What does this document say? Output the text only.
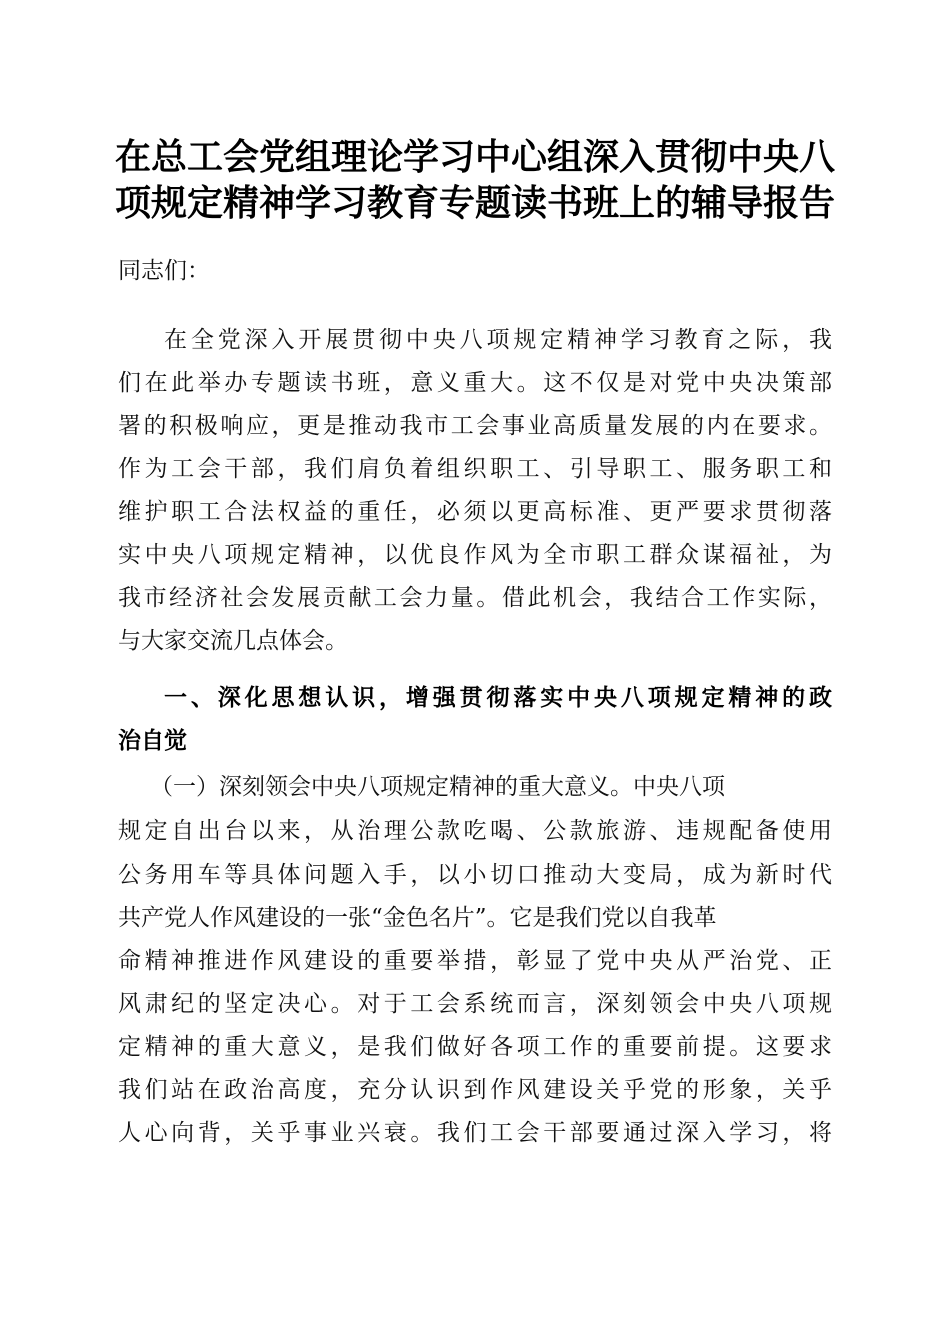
在总工会党组理论学习中心组深入贯彻中央八
项规定精神学习教育专题读书班上的辅导报告
同志们：
在全党深入开展贯彻中央八项规定精神学习教育之际，我
们在此举办专题读书班，意义重大。这不仅是对党中央决策部
署的积极响应，更是推动我市工会事业高质量发展的内在要求。
作为工会干部，我们肩负着组织职工、引导职工、服务职工和
维护职工合法权益的重任，必须以更高标准、更严要求贯彻落
实中央八项规定精神，以优良作风为全市职工群众谋福祉，为
我市经济社会发展贡献工会力量。借此机会，我结合工作实际，
与大家交流几点体会。
一、深化思想认识，增强贯彻落实中央八项规定精神的政
治自觉
（一）深刻领会中央八项规定精神的重大意义。中央八项
规定自出台以来，从治理公款吃喝、公款旅游、违规配备使用
公务用车等具体问题入手，以小切口推动大变局，成为新时代
共产党人作风建设的一张“金色名片”。它是我们党以自我革
命精神推进作风建设的重要举措，彰显了党中央从严治党、正
风肃纪的坚定决心。对于工会系统而言，深刻领会中央八项规
定精神的重大意义，是我们做好各项工作的重要前提。这要求
我们站在政治高度，充分认识到作风建设关乎党的形象，关乎
人心向背，关乎事业兴衰。我们工会干部要通过深入学习，将
